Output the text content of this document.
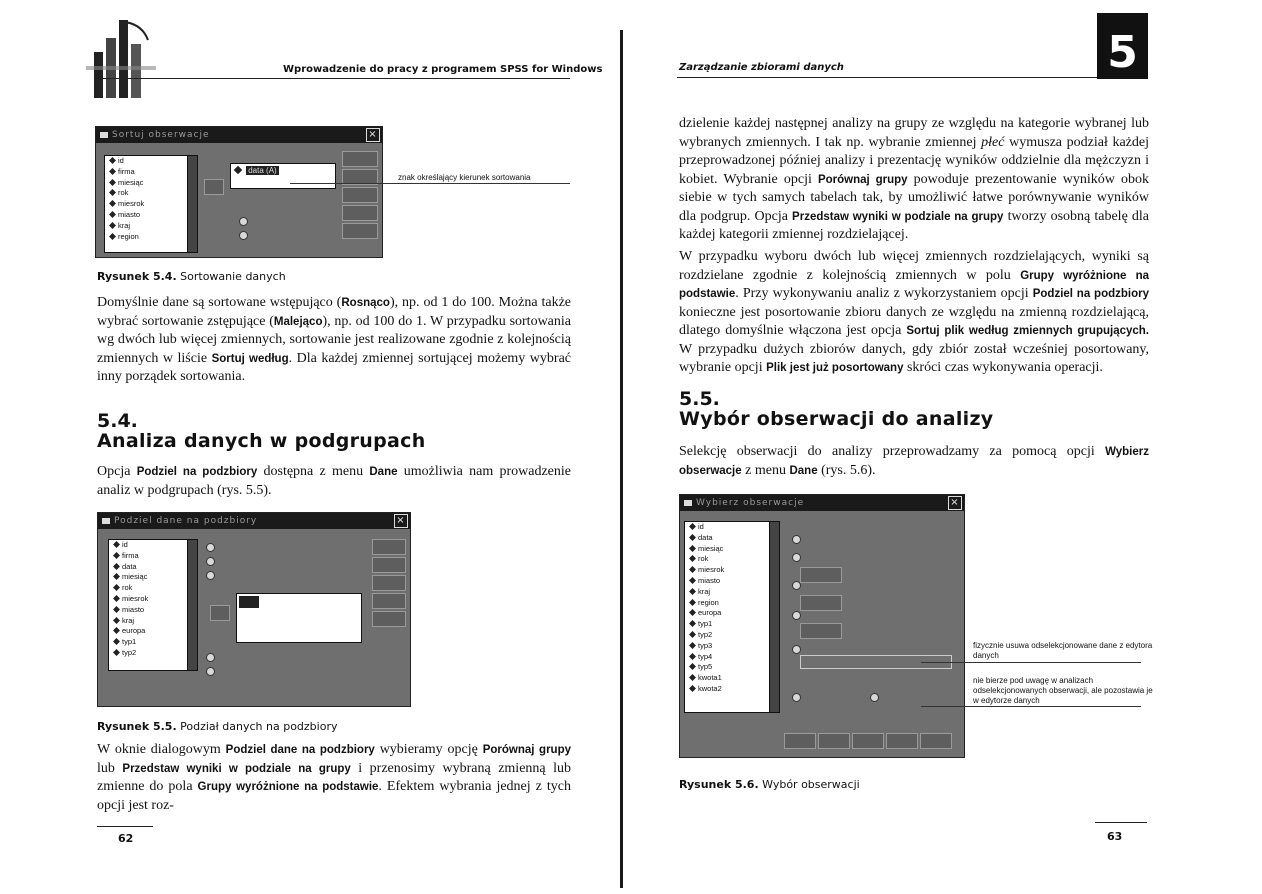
Wprowadzenie do pracy z programem SPSS for Windows
Sortuj obserwacje	×
id
firma
miesiąc
rok
miesrok
miasto
kraj
region
data (A)
znak określający kierunek sortowania
Rysunek 5.4. Sortowanie danych
Domyślnie dane są sortowane wstępująco (Rosnąco), np. od 1 do 100. Można także wybrać sortowanie zstępujące (Malejąco), np. od 100 do 1. W przypadku sortowania wg dwóch lub więcej zmiennych, sortowanie jest realizowane zgodnie z kolejnością zmiennych w liście Sortuj według. Dla każdej zmiennej sortującej możemy wybrać inny porządek sortowania.
5.4.
Analiza danych w podgrupach
Opcja Podziel na podzbiory dostępna z menu Dane umożliwia nam prowadzenie analiz w podgrupach (rys. 5.5).
Podziel dane na podzbiory	×
id
firma
data
miesiąc
rok
miesrok
miasto
kraj
europa
typ1
typ2
Rysunek 5.5. Podział danych na podzbiory
W oknie dialogowym Podziel dane na podzbiory wybieramy opcję Porównaj grupy lub Przedstaw wyniki w podziale na grupy i przenosimy wybraną zmienną lub zmienne do pola Grupy wyróżnione na podstawie. Efektem wybrania jednej z tych opcji jest roz-
62
Zarządzanie zbiorami danych	5
dzielenie każdej następnej analizy na grupy ze względu na kategorie wybranej lub wybranych zmiennych. I tak np. wybranie zmiennej płeć wymusza podział każdej przeprowadzonej później analizy i prezentację wyników oddzielnie dla mężczyzn i kobiet. Wybranie opcji Porównaj grupy powoduje prezentowanie wyników obok siebie w tych samych tabelach tak, by umożliwić łatwe porównywanie wyników dla podgrup. Opcja Przedstaw wyniki w podziale na grupy tworzy osobną tabelę dla każdej kategorii zmiennej rozdzielającej.
W przypadku wyboru dwóch lub więcej zmiennych rozdzielających, wyniki są rozdzielane zgodnie z kolejnością zmiennych w polu Grupy wyróżnione na podstawie. Przy wykonywaniu analiz z wykorzystaniem opcji Podziel na podzbiory konieczne jest posortowanie zbioru danych ze względu na zmienną rozdzielającą, dlatego domyślnie włączona jest opcja Sortuj plik według zmiennych grupujących. W przypadku dużych zbiorów danych, gdy zbiór został wcześniej posortowany, wybranie opcji Plik jest już posortowany skróci czas wykonywania operacji.
5.5.
Wybór obserwacji do analizy
Selekcję obserwacji do analizy przeprowadzamy za pomocą opcji Wybierz obserwacje z menu Dane (rys. 5.6).
Wybierz obserwacje	×
id
data
miesiąc
rok
miesrok
miasto
kraj
region
europa
typ1
typ2
typ3
typ4
typ5
kwota1
kwota2
fizycznie usuwa odselekcjonowane dane z edytora danych
nie bierze pod uwagę w analizach odselekcjonowanych obserwacji, ale pozostawia je w edytorze danych
Rysunek 5.6. Wybór obserwacji
63
